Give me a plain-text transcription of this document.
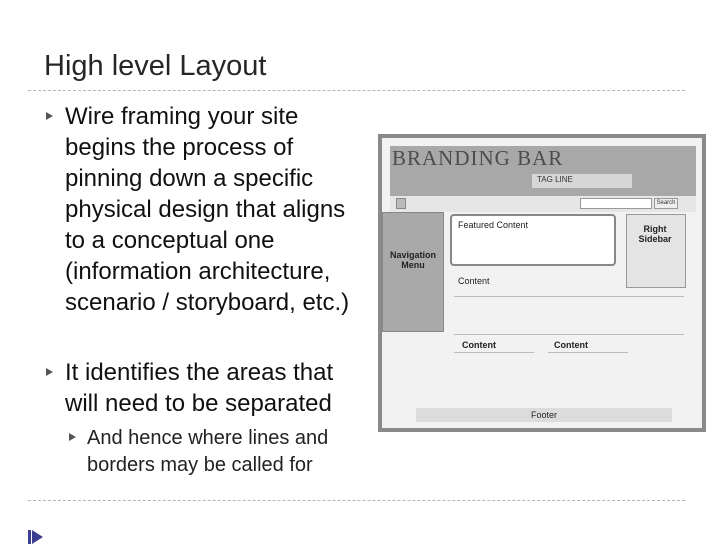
High level Layout
Wire framing your site begins the process of pinning down a specific physical design that aligns to a conceptual one (information architecture, scenario / storyboard, etc.)
It identifies the areas that will need to be separated
And hence where lines and borders may be called for
BRANDING BAR
TAG LINE
Search
Navigation Menu
Featured Content	Right Sidebar
Content
Content	Content
Footer
